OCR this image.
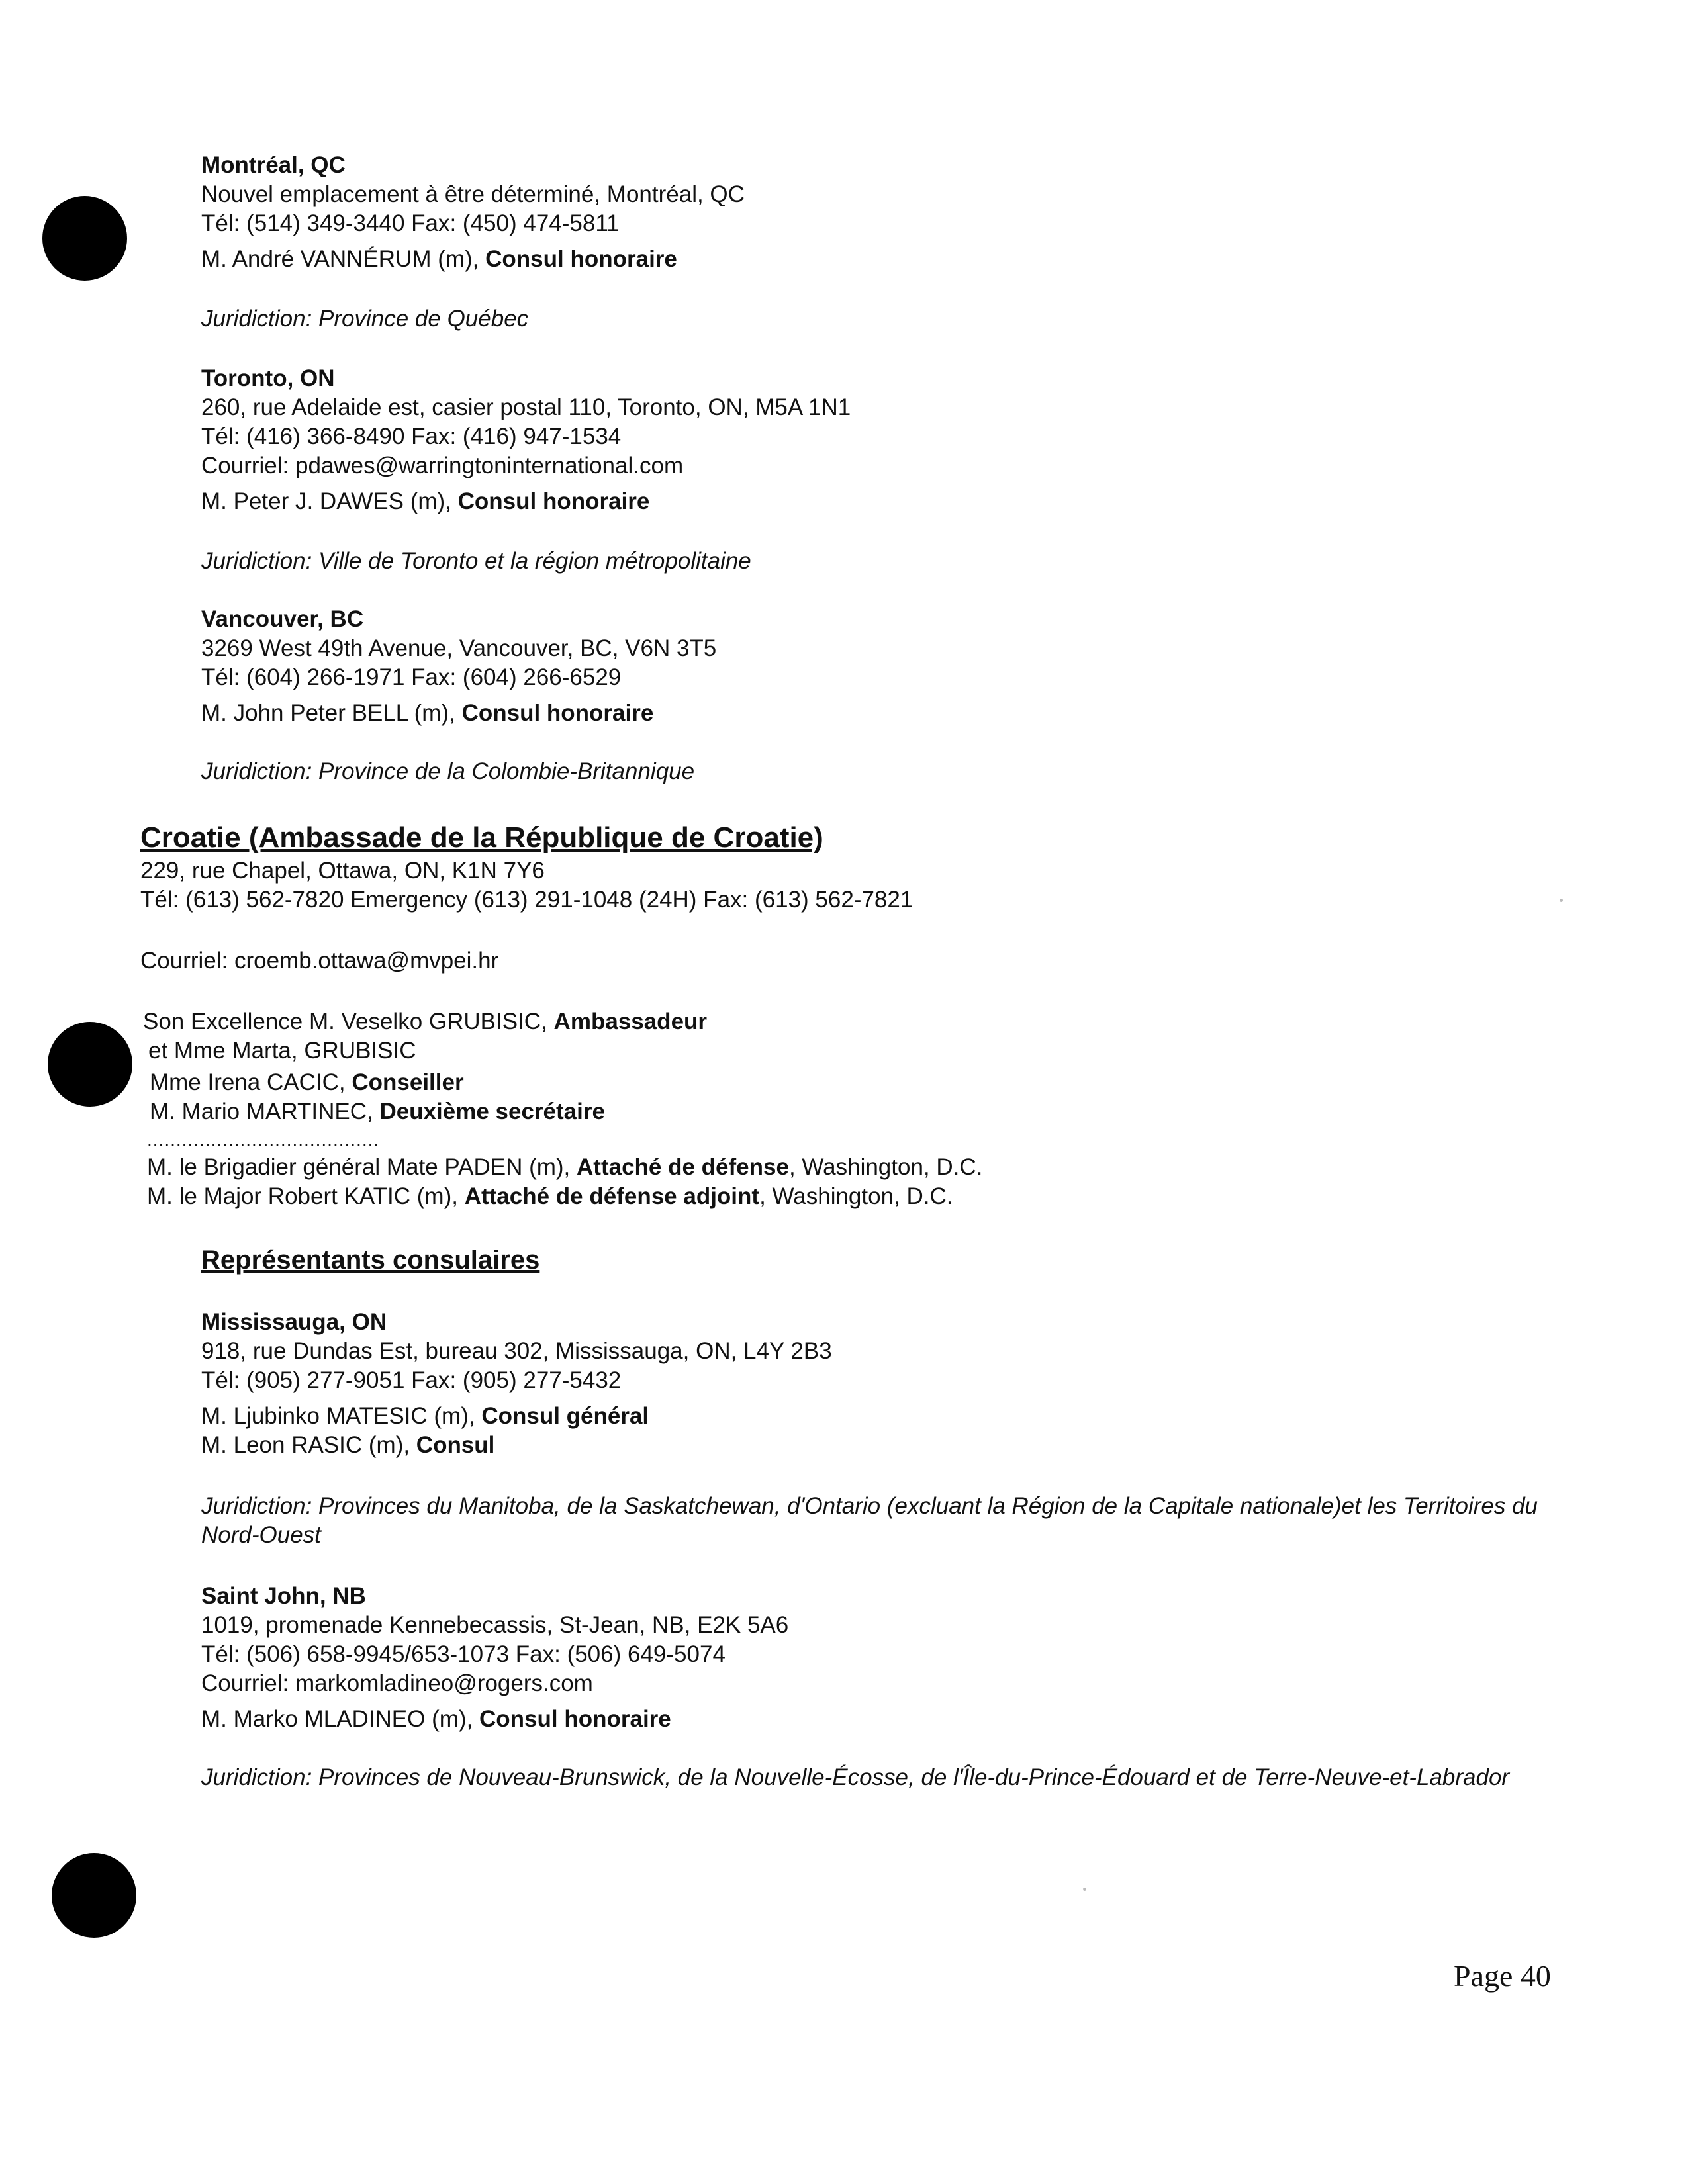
Montréal, QC
Nouvel emplacement à être déterminé, Montréal, QC
Tél: (514) 349-3440 Fax: (450) 474-5811
M. André VANNÉRUM (m), Consul honoraire
Juridiction: Province de Québec
Toronto, ON
260, rue Adelaide est, casier postal 110, Toronto, ON, M5A 1N1
Tél: (416) 366-8490 Fax: (416) 947-1534
Courriel: pdawes@warringtoninternational.com
M. Peter J. DAWES (m), Consul honoraire
Juridiction: Ville de Toronto et la région métropolitaine
Vancouver, BC
3269 West 49th Avenue, Vancouver, BC, V6N 3T5
Tél: (604) 266-1971 Fax: (604) 266-6529
M. John Peter BELL (m), Consul honoraire
Juridiction: Province de la Colombie-Britannique
Croatie (Ambassade de la République de Croatie)
229, rue Chapel, Ottawa, ON, K1N 7Y6
Tél: (613) 562-7820 Emergency (613) 291-1048 (24H) Fax: (613) 562-7821
Courriel: croemb.ottawa@mvpei.hr
Son Excellence M. Veselko GRUBISIC, Ambassadeur
et Mme Marta, GRUBISIC
Mme Irena CACIC, Conseiller
M. Mario MARTINEC, Deuxième secrétaire
........................................
M. le Brigadier général Mate PADEN (m), Attaché de défense, Washington, D.C.
M. le Major Robert KATIC (m), Attaché de défense adjoint, Washington, D.C.
Représentants consulaires
Mississauga, ON
918, rue Dundas Est, bureau 302, Mississauga, ON, L4Y 2B3
Tél: (905) 277-9051 Fax: (905) 277-5432
M. Ljubinko MATESIC (m), Consul général
M. Leon RASIC (m), Consul
Juridiction: Provinces du Manitoba, de la Saskatchewan, d'Ontario (excluant la Région de la Capitale nationale)et les Territoires du Nord-Ouest
Saint John, NB
1019, promenade Kennebecassis, St-Jean, NB, E2K 5A6
Tél: (506) 658-9945/653-1073 Fax: (506) 649-5074
Courriel: markomladineo@rogers.com
M. Marko MLADINEO (m), Consul honoraire
Juridiction: Provinces de Nouveau-Brunswick, de la Nouvelle-Écosse, de l'Île-du-Prince-Édouard et de Terre-Neuve-et-Labrador
Page 40
